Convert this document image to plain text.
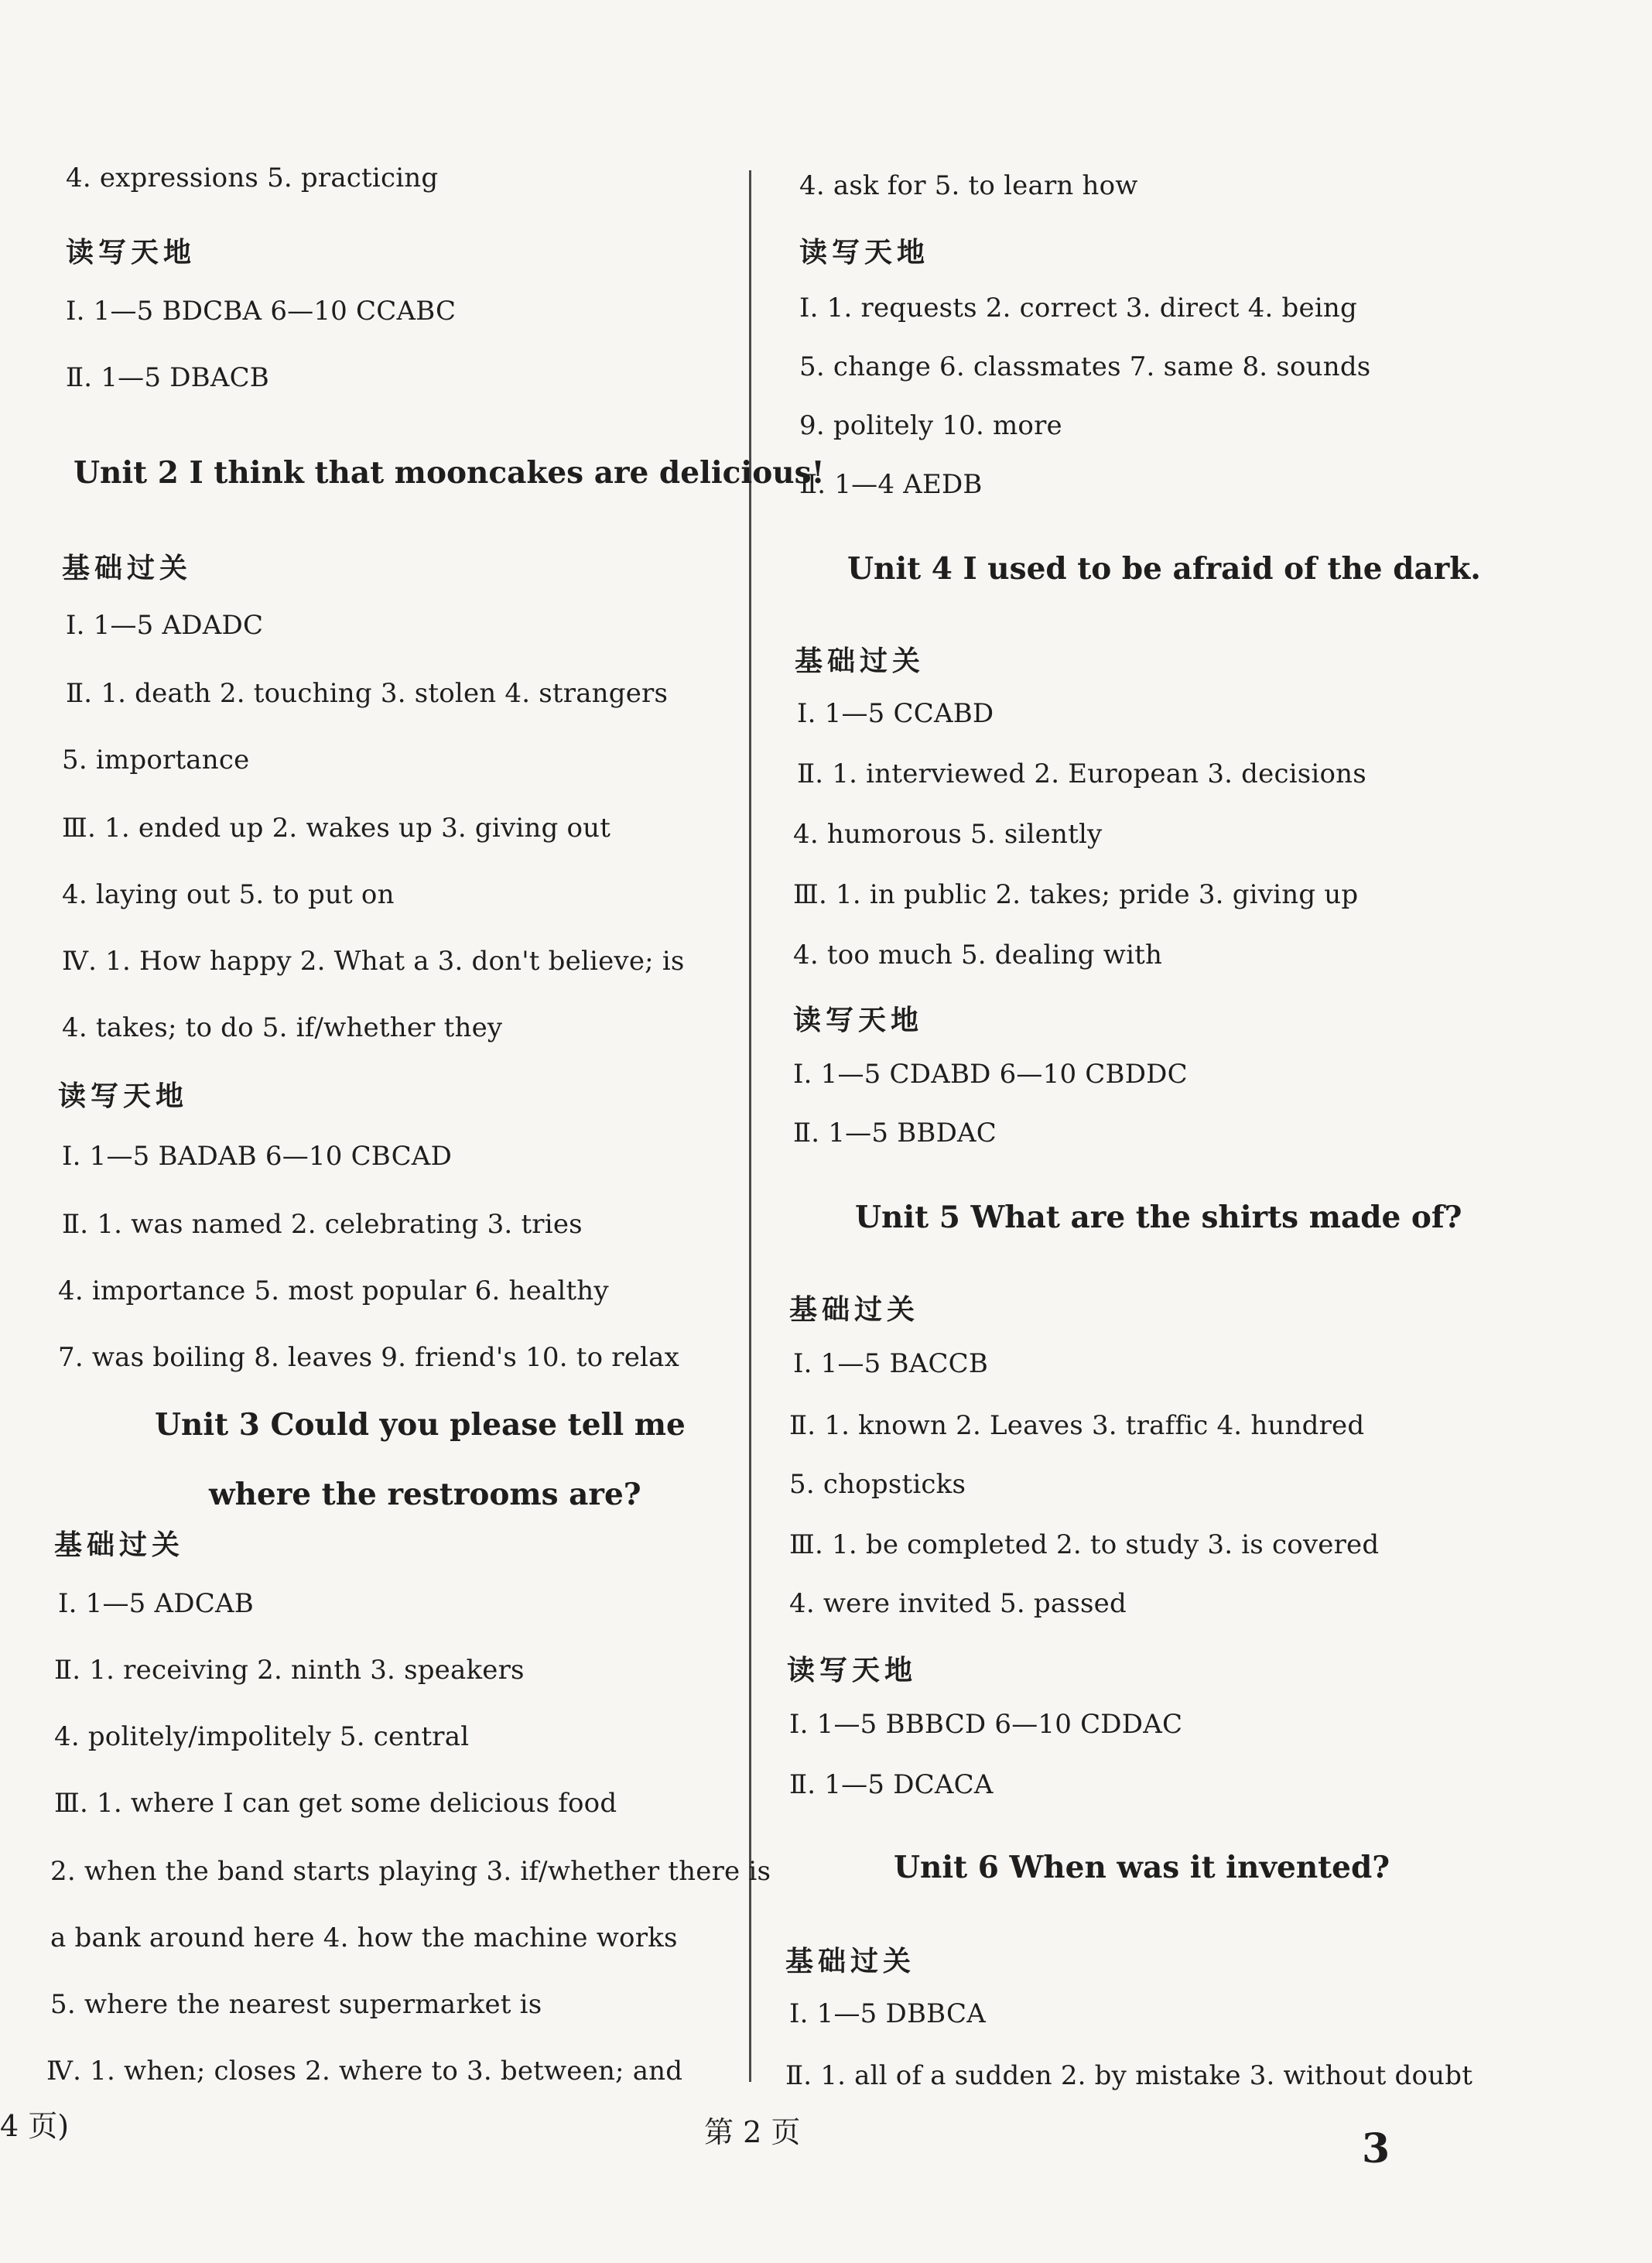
4. expressions 5. practicing
读写天地
Ⅰ. 1—5 BDCBA 6—10 CCABC
Ⅱ. 1—5 DBACB
Unit 2 I think that mooncakes are delicious!
基础过关
Ⅰ. 1—5 ADADC
Ⅱ. 1. death 2. touching 3. stolen 4. strangers
5. importance
Ⅲ. 1. ended up 2. wakes up 3. giving out
4. laying out 5. to put on
Ⅳ. 1. How happy 2. What a 3. don't believe; is
4. takes; to do 5. if/whether they
读写天地
Ⅰ. 1—5 BADAB 6—10 CBCAD
Ⅱ. 1. was named 2. celebrating 3. tries
4. importance 5. most popular 6. healthy
7. was boiling 8. leaves 9. friend's 10. to relax
Unit 3 Could you please tell me
where the restrooms are?
基础过关
Ⅰ. 1—5 ADCAB
Ⅱ. 1. receiving 2. ninth 3. speakers
4. politely/impolitely 5. central
Ⅲ. 1. where I can get some delicious food
2. when the band starts playing 3. if/whether there is
a bank around here 4. how the machine works
5. where the nearest supermarket is
Ⅳ. 1. when; closes 2. where to 3. between; and
4. ask for 5. to learn how
读写天地
Ⅰ. 1. requests 2. correct 3. direct 4. being
5. change 6. classmates 7. same 8. sounds
9. politely 10. more
Ⅱ. 1—4 AEDB
Unit 4 I used to be afraid of the dark.
基础过关
Ⅰ. 1—5 CCABD
Ⅱ. 1. interviewed 2. European 3. decisions
4. humorous 5. silently
Ⅲ. 1. in public 2. takes; pride 3. giving up
4. too much 5. dealing with
读写天地
Ⅰ. 1—5 CDABD 6—10 CBDDC
Ⅱ. 1—5 BBDAC
Unit 5 What are the shirts made of?
基础过关
Ⅰ. 1—5 BACCB
Ⅱ. 1. known 2. Leaves 3. traffic 4. hundred
5. chopsticks
Ⅲ. 1. be completed 2. to study 3. is covered
4. were invited 5. passed
读写天地
Ⅰ. 1—5 BBBCD 6—10 CDDAC
Ⅱ. 1—5 DCACA
Unit 6 When was it invented?
基础过关
Ⅰ. 1—5 DBBCA
Ⅱ. 1. all of a sudden 2. by mistake 3. without doubt
4 页)	第 2 页	3
